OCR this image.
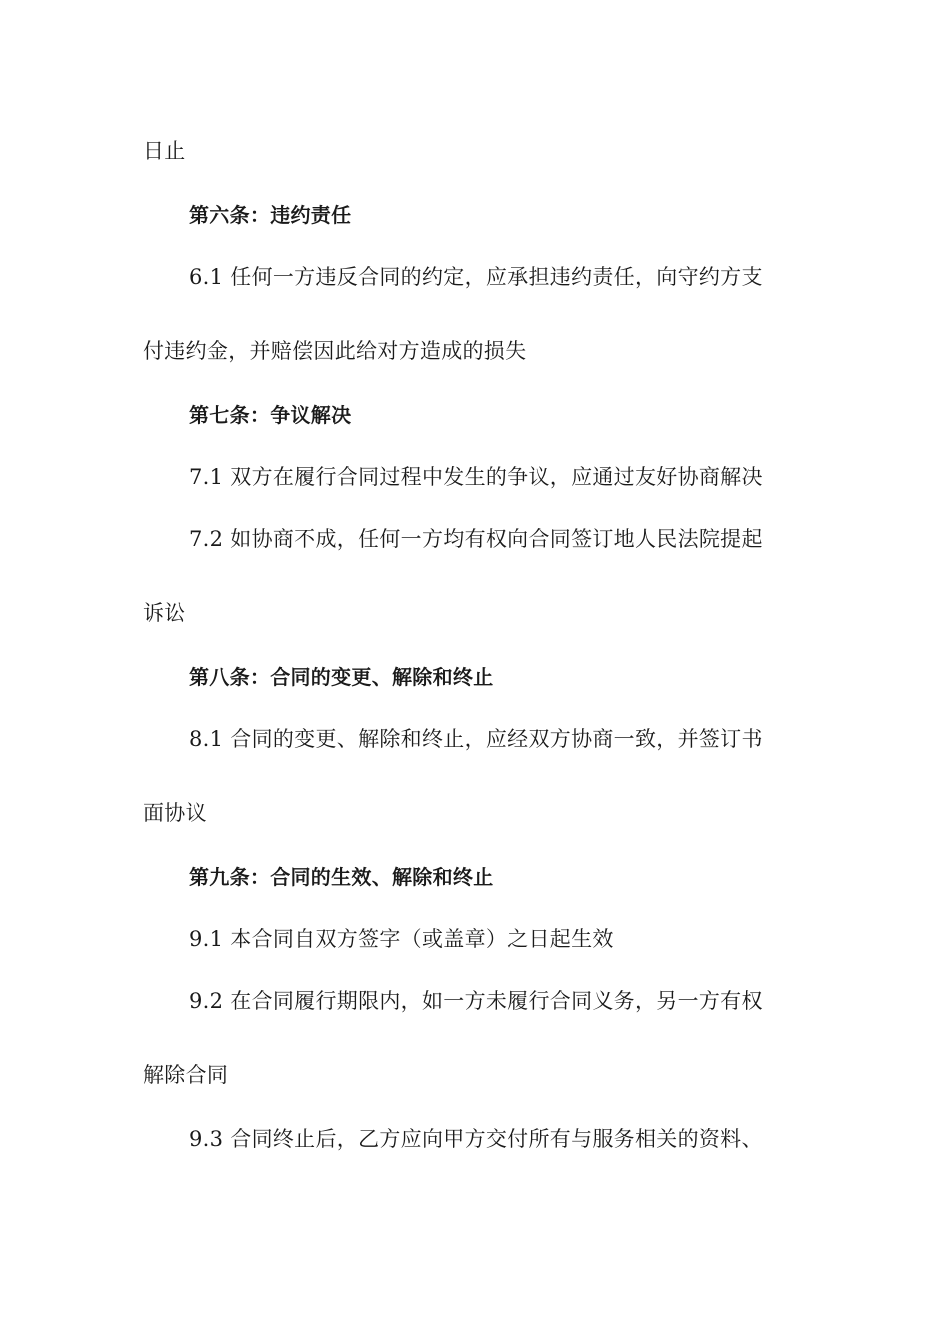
日止
第六条：违约责任
6.1 任何一方违反合同的约定，应承担违约责任，向守约方支
付违约金，并赔偿因此给对方造成的损失
第七条：争议解决
7.1 双方在履行合同过程中发生的争议，应通过友好协商解决
7.2 如协商不成，任何一方均有权向合同签订地人民法院提起
诉讼
第八条：合同的变更、解除和终止
8.1 合同的变更、解除和终止，应经双方协商一致，并签订书
面协议
第九条：合同的生效、解除和终止
9.1 本合同自双方签字（或盖章）之日起生效
9.2 在合同履行期限内，如一方未履行合同义务，另一方有权
解除合同
9.3 合同终止后，乙方应向甲方交付所有与服务相关的资料、
